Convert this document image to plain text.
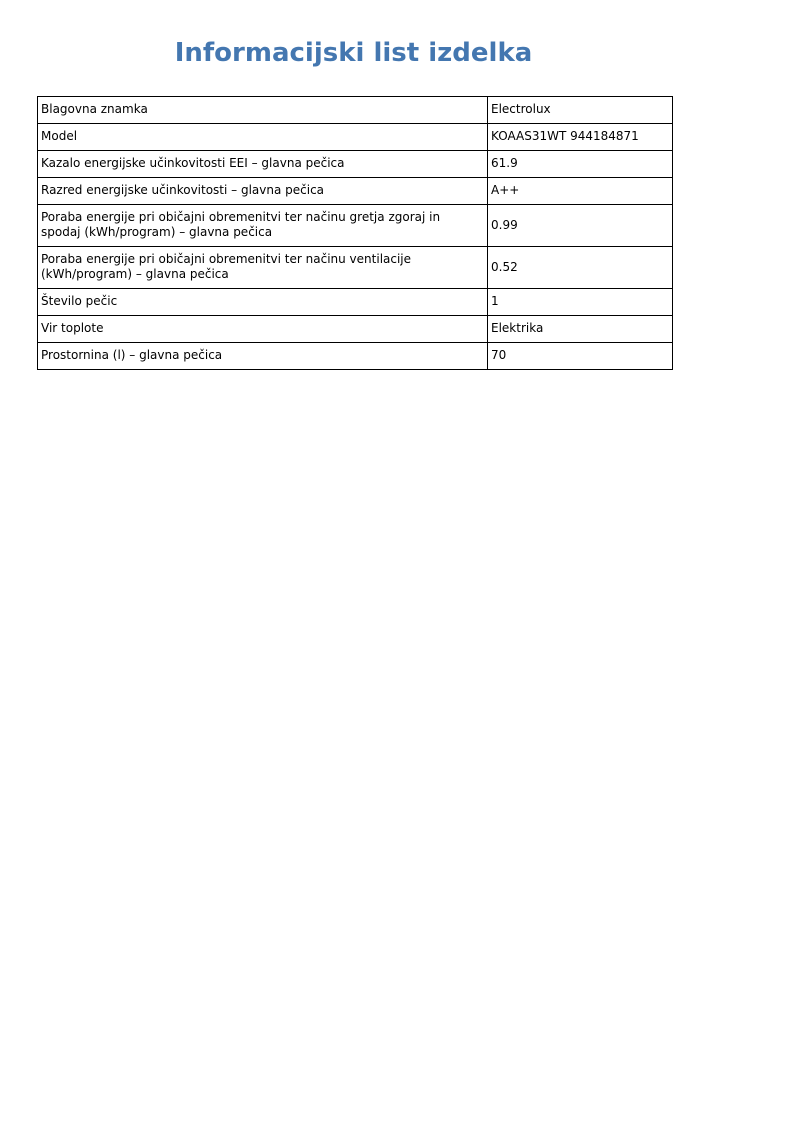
Informacijski list izdelka
Blagovna znamka	Electrolux
Model	KOAAS31WT 944184871
Kazalo energijske učinkovitosti EEI – glavna pečica	61.9
Razred energijske učinkovitosti – glavna pečica	A++
Poraba energije pri običajni obremenitvi ter načinu gretja zgoraj in spodaj (kWh/program) – glavna pečica	0.99
Poraba energije pri običajni obremenitvi ter načinu ventilacije (kWh/program) – glavna pečica	0.52
Število pečic	1
Vir toplote	Elektrika
Prostornina (l) – glavna pečica	70
